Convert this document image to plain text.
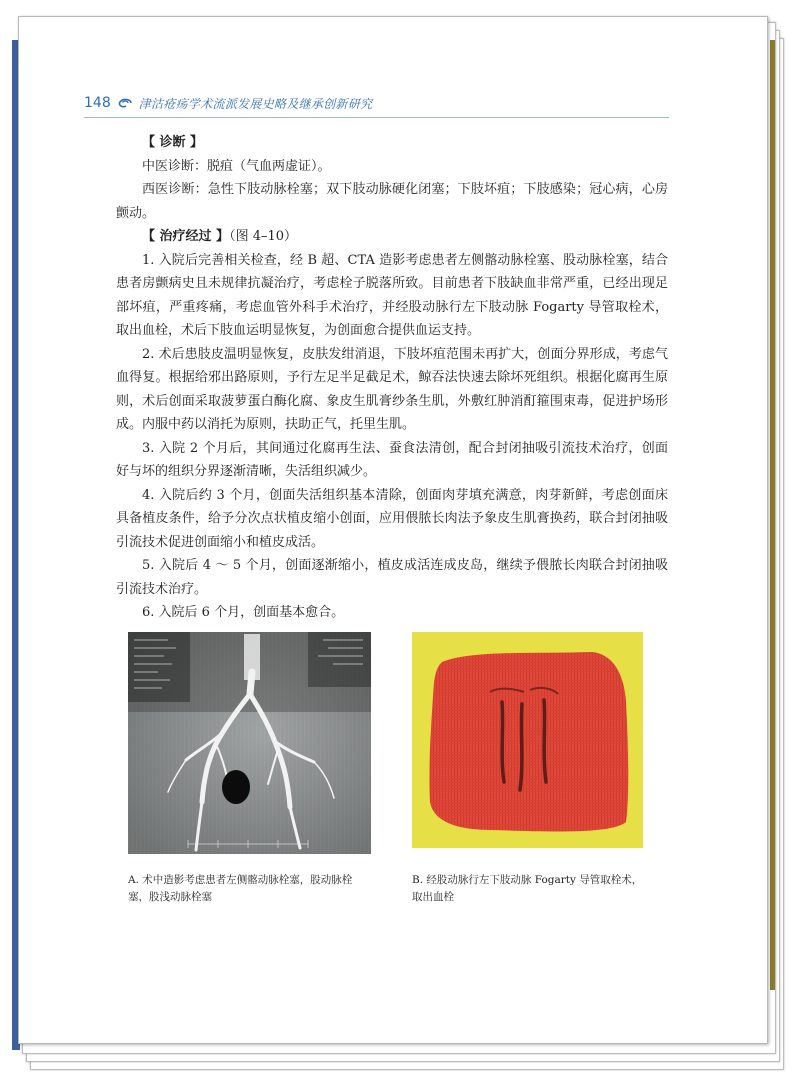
148 津沽疮疡学术流派发展史略及继承创新研究

【 诊断 】

中医诊断：脱疽（气血两虚证）。

西医诊断：急性下肢动脉栓塞；双下肢动脉硬化闭塞；下肢坏疽；下肢感染；冠心病，心房颤动。

【 治疗经过 】（图 4–10）

1. 入院后完善相关检查，经 B 超、CTA 造影考虑患者左侧髂动脉栓塞、股动脉栓塞，结合患者房颤病史且未规律抗凝治疗，考虑栓子脱落所致。目前患者下肢缺血非常严重，已经出现足部坏疽，严重疼痛，考虑血管外科手术治疗，并经股动脉行左下肢动脉 Fogarty 导管取栓术，取出血栓，术后下肢血运明显恢复，为创面愈合提供血运支持。

2. 术后患肢皮温明显恢复，皮肤发绀消退，下肢坏疽范围未再扩大，创面分界形成，考虑气血得复。根据给邪出路原则，予行左足半足截足术，鲸吞法快速去除坏死组织。根据化腐再生原则，术后创面采取菠萝蛋白酶化腐、象皮生肌膏纱条生肌，外敷红肿消酊箍围束毒，促进护场形成。内服中药以消托为原则，扶助正气，托里生肌。

3. 入院 2 个月后，其间通过化腐再生法、蚕食法清创，配合封闭抽吸引流技术治疗，创面好与坏的组织分界逐渐清晰，失活组织减少。

4. 入院后约 3 个月，创面失活组织基本清除，创面肉芽填充满意，肉芽新鲜，考虑创面床具备植皮条件，给予分次点状植皮缩小创面，应用偎脓长肉法予象皮生肌膏换药，联合封闭抽吸引流技术促进创面缩小和植皮成活。

5. 入院后 4 ～ 5 个月，创面逐渐缩小，植皮成活连成皮岛，继续予偎脓长肉联合封闭抽吸引流技术治疗。

6. 入院后 6 个月，创面基本愈合。

A. 术中造影考虑患者左侧髂动脉栓塞，股动脉栓塞，股浅动脉栓塞
B. 经股动脉行左下肢动脉 Fogarty 导管取栓术，取出血栓
